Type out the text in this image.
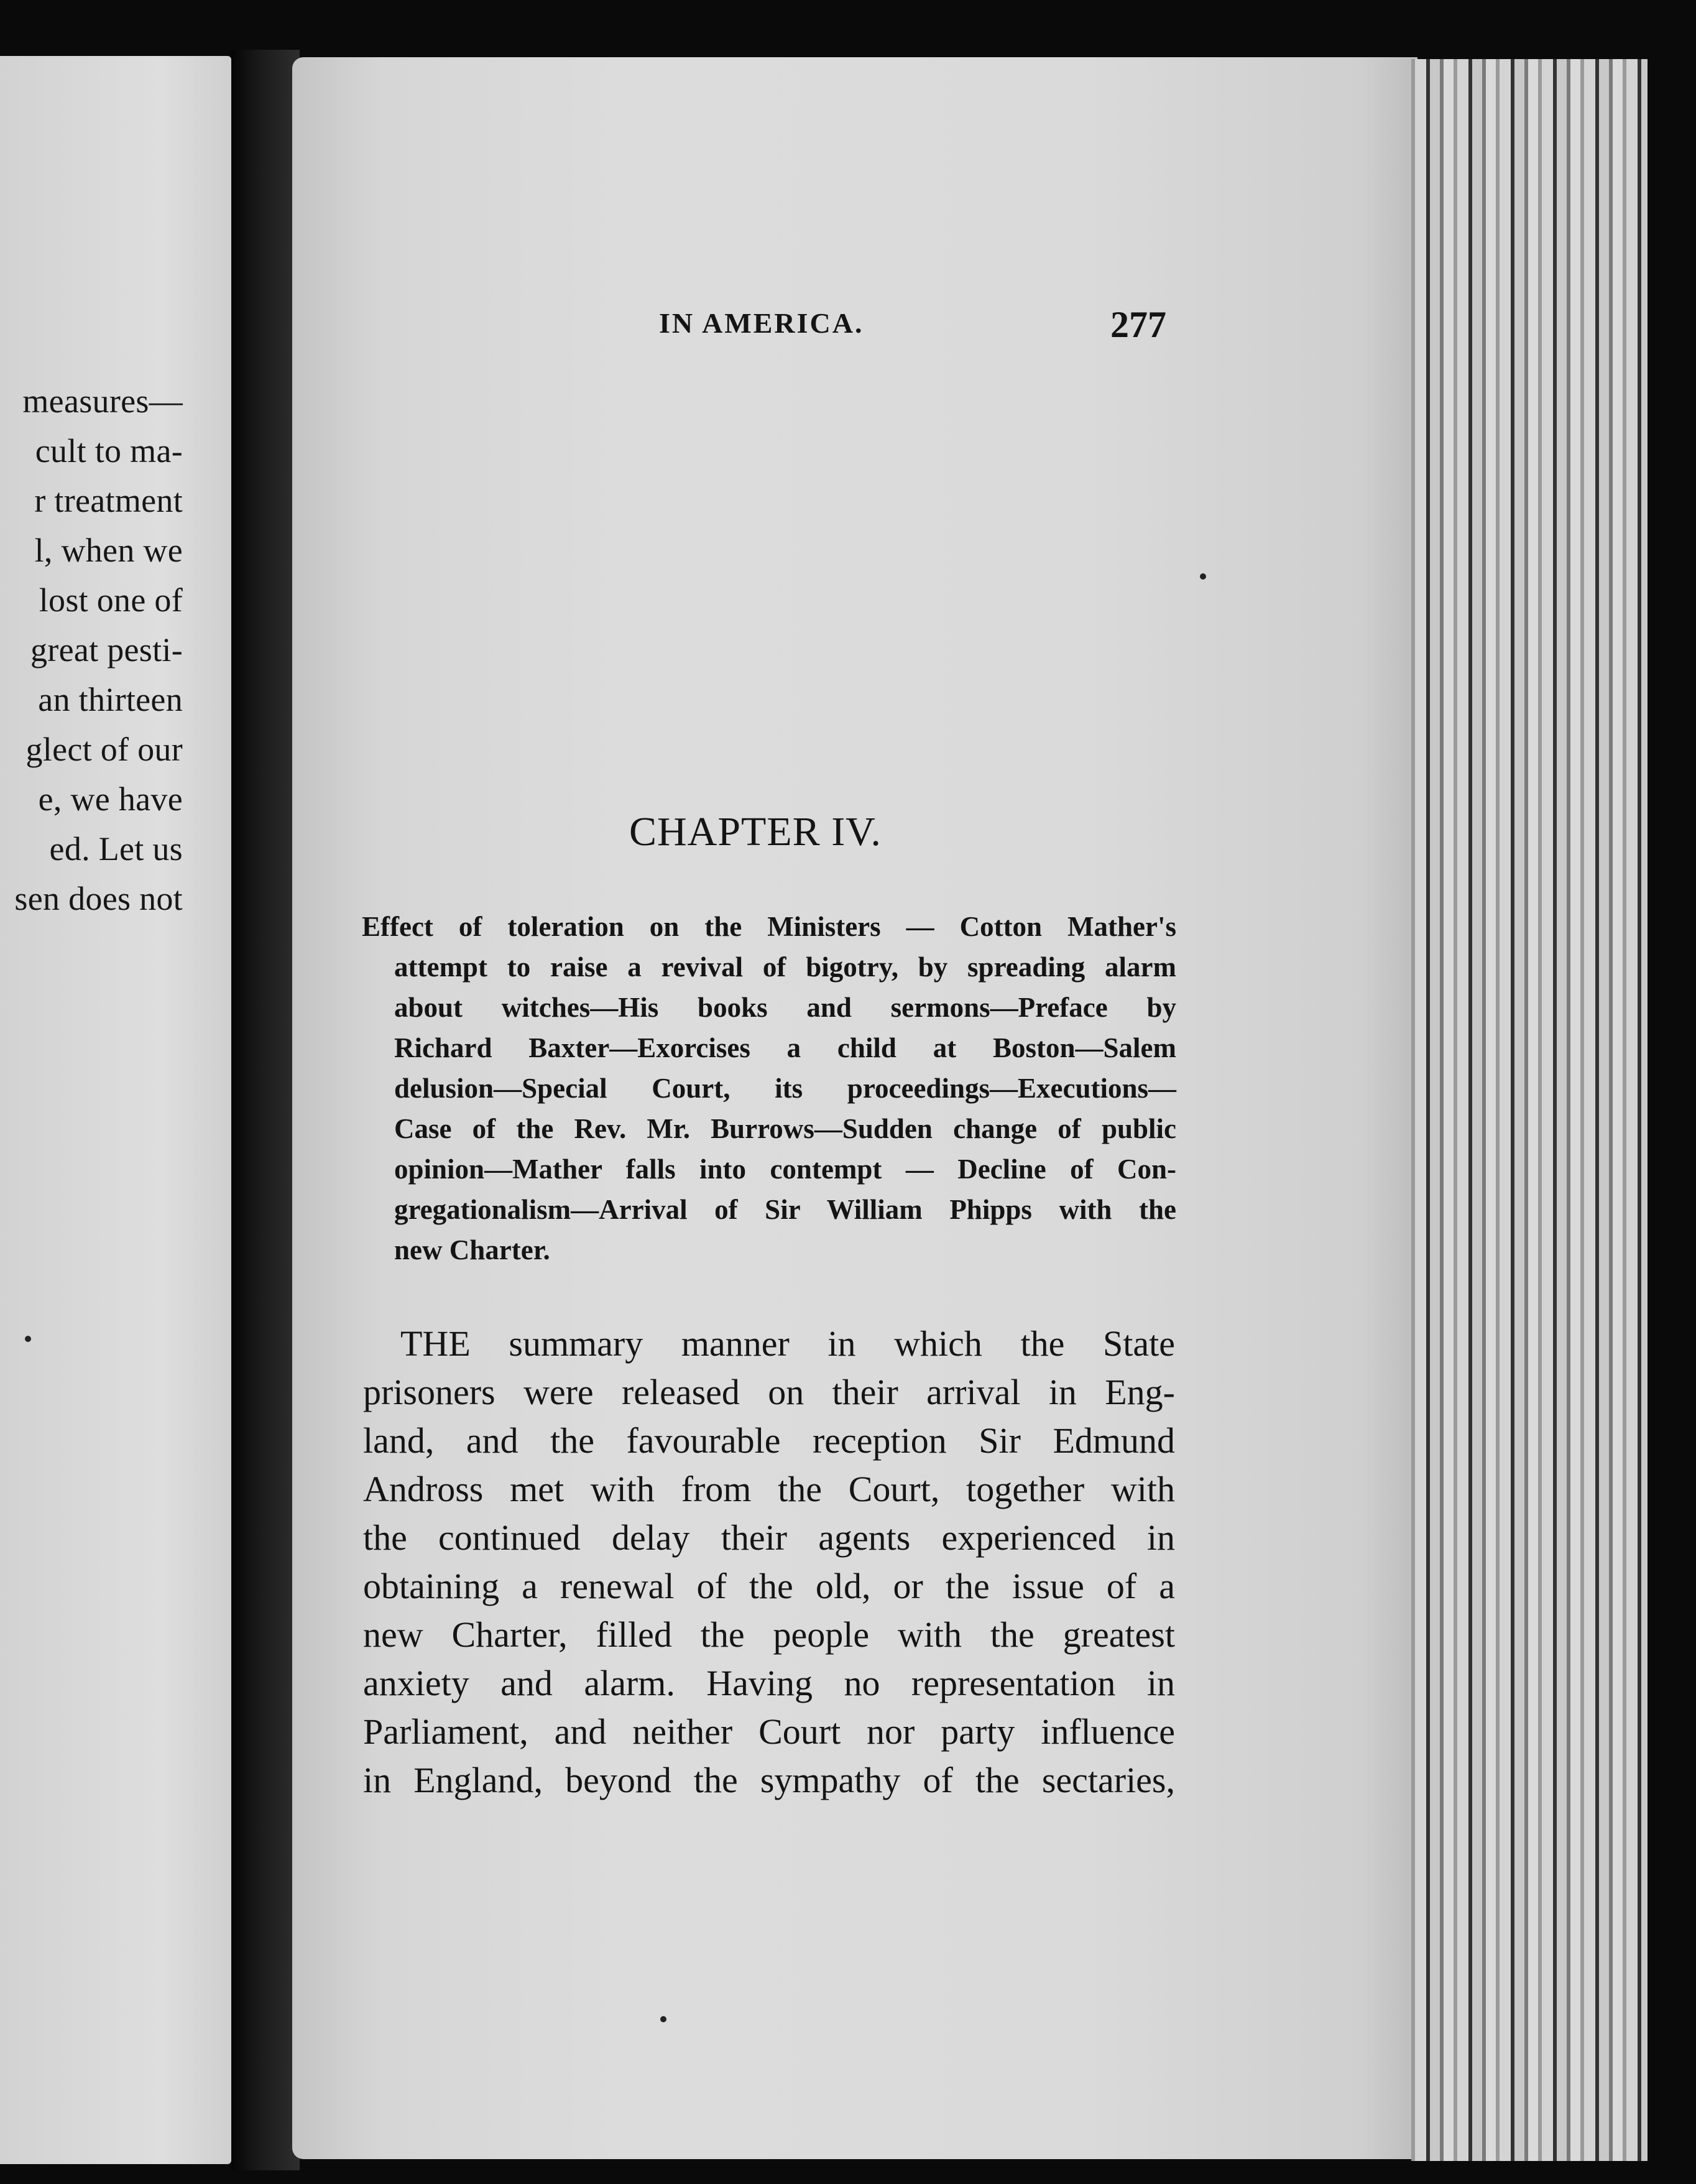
measures—
cult to ma-
r treatment
l, when we
lost one of
great pesti-
an thirteen
glect of our
e, we have
ed. Let us
sen does not
IN AMERICA.	277
CHAPTER IV.
Effect of toleration on the Ministers — Cotton Mather's
attempt to raise a revival of bigotry, by spreading alarm
about witches—His books and sermons—Preface by
Richard Baxter—Exorcises a child at Boston—Salem
delusion—Special Court, its proceedings—Executions—
Case of the Rev. Mr. Burrows—Sudden change of public
opinion—Mather falls into contempt — Decline of Con-
gregationalism—Arrival of Sir William Phipps with the
new Charter.
THE summary manner in which the State
prisoners were released on their arrival in Eng-
land, and the favourable reception Sir Edmund
Andross met with from the Court, together with
the continued delay their agents experienced in
obtaining a renewal of the old, or the issue of a
new Charter, filled the people with the greatest
anxiety and alarm. Having no representation in
Parliament, and neither Court nor party influence
in England, beyond the sympathy of the sectaries,
